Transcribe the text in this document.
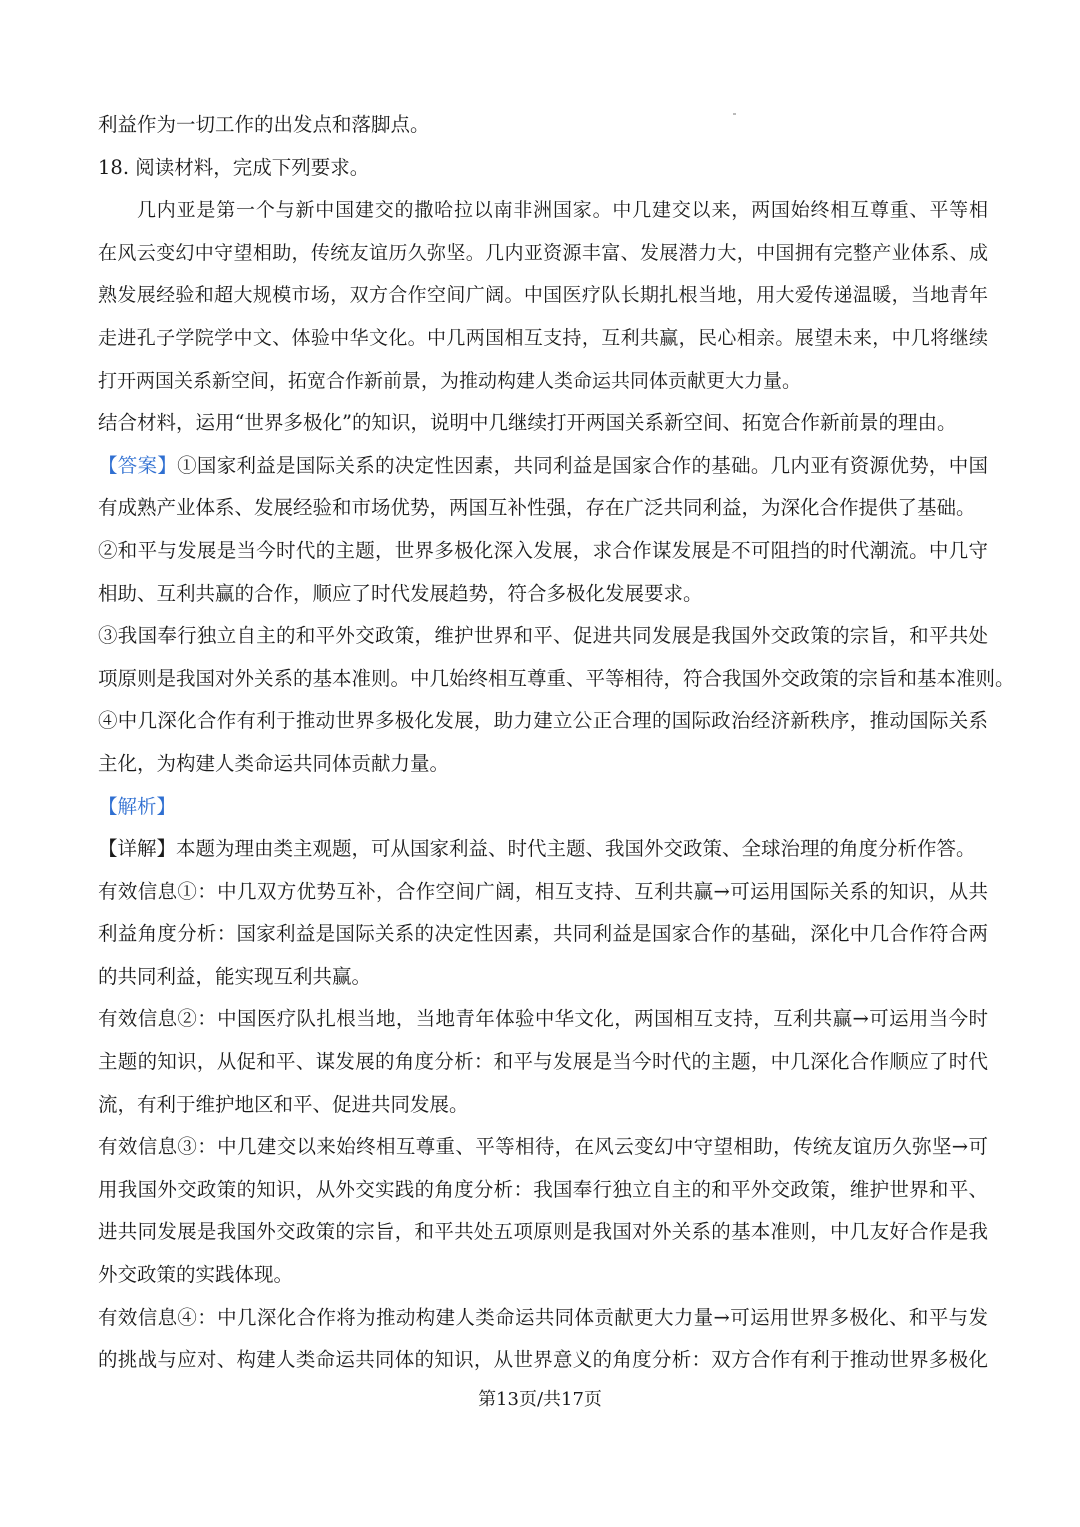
利益作为一切工作的出发点和落脚点。
18. 阅读材料，完成下列要求。
几内亚是第一个与新中国建交的撒哈拉以南非洲国家。中几建交以来，两国始终相互尊重、平等相
在风云变幻中守望相助，传统友谊历久弥坚。几内亚资源丰富、发展潜力大，中国拥有完整产业体系、成
熟发展经验和超大规模市场，双方合作空间广阔。中国医疗队长期扎根当地，用大爱传递温暖，当地青年
走进孔子学院学中文、体验中华文化。中几两国相互支持，互利共赢，民心相亲。展望未来，中几将继续
打开两国关系新空间，拓宽合作新前景，为推动构建人类命运共同体贡献更大力量。
结合材料，运用“世界多极化”的知识，说明中几继续打开两国关系新空间、拓宽合作新前景的理由。
【答案】①国家利益是国际关系的决定性因素，共同利益是国家合作的基础。几内亚有资源优势，中国
有成熟产业体系、发展经验和市场优势，两国互补性强，存在广泛共同利益，为深化合作提供了基础。
②和平与发展是当今时代的主题，世界多极化深入发展，求合作谋发展是不可阻挡的时代潮流。中几守
相助、互利共赢的合作，顺应了时代发展趋势，符合多极化发展要求。
③我国奉行独立自主的和平外交政策，维护世界和平、促进共同发展是我国外交政策的宗旨，和平共处
项原则是我国对外关系的基本准则。中几始终相互尊重、平等相待，符合我国外交政策的宗旨和基本准则。
④中几深化合作有利于推动世界多极化发展，助力建立公正合理的国际政治经济新秩序，推动国际关系
主化，为构建人类命运共同体贡献力量。
【解析】
【详解】本题为理由类主观题，可从国家利益、时代主题、我国外交政策、全球治理的角度分析作答。
有效信息①：中几双方优势互补，合作空间广阔，相互支持、互利共赢→可运用国际关系的知识，从共
利益角度分析：国家利益是国际关系的决定性因素，共同利益是国家合作的基础，深化中几合作符合两
的共同利益，能实现互利共赢。
有效信息②：中国医疗队扎根当地，当地青年体验中华文化，两国相互支持，互利共赢→可运用当今时
主题的知识，从促和平、谋发展的角度分析：和平与发展是当今时代的主题，中几深化合作顺应了时代
流，有利于维护地区和平、促进共同发展。
有效信息③：中几建交以来始终相互尊重、平等相待，在风云变幻中守望相助，传统友谊历久弥坚→可
用我国外交政策的知识，从外交实践的角度分析：我国奉行独立自主的和平外交政策，维护世界和平、
进共同发展是我国外交政策的宗旨，和平共处五项原则是我国对外关系的基本准则，中几友好合作是我
外交政策的实践体现。
有效信息④：中几深化合作将为推动构建人类命运共同体贡献更大力量→可运用世界多极化、和平与发
的挑战与应对、构建人类命运共同体的知识，从世界意义的角度分析：双方合作有利于推动世界多极化
第13页/共17页
